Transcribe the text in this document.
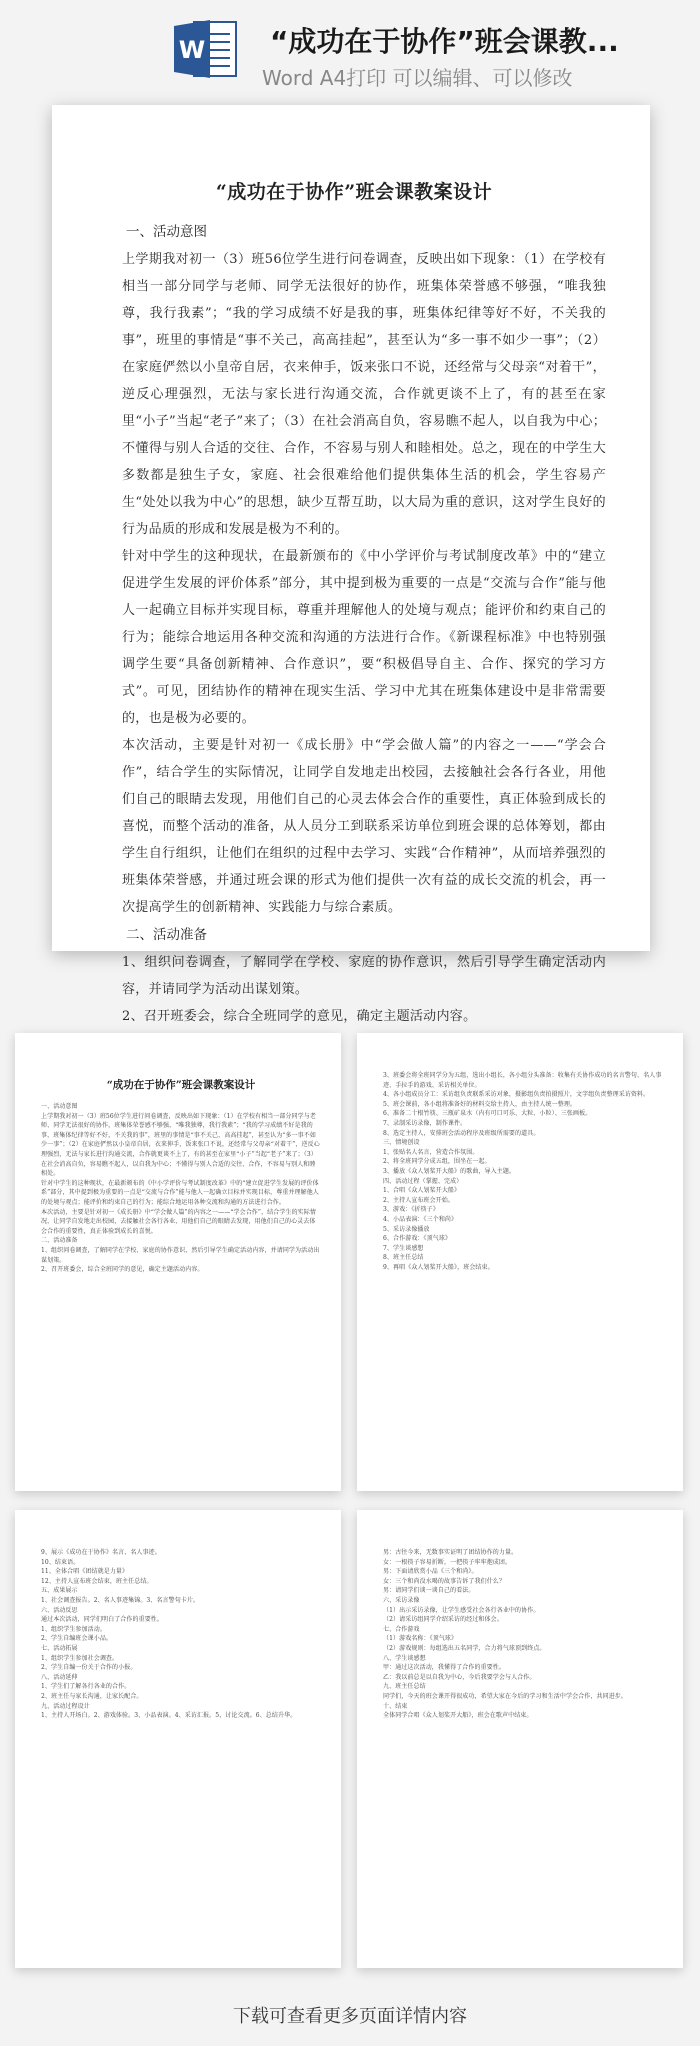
W “成功在于协作”班会课教...
Word A4打印 可以编辑、可以修改
“成功在于协作”班会课教案设计
一、活动意图

上学期我对初一（3）班56位学生进行问卷调查，反映出如下现象：（1）在学校有相当一部分同学与老师、同学无法很好的协作，班集体荣誉感不够强，“唯我独尊，我行我素”；“我的学习成绩不好是我的事，班集体纪律等好不好，不关我的事”，班里的事情是“事不关己，高高挂起”，甚至认为“多一事不如少一事”；（2）在家庭俨然以小皇帝自居，衣来伸手，饭来张口不说，还经常与父母亲“对着干”，逆反心理强烈，无法与家长进行沟通交流，合作就更谈不上了，有的甚至在家里“小子”当起“老子”来了；（3）在社会消高自负，容易瞧不起人，以自我为中心；不懂得与别人合适的交往、合作，不容易与别人和睦相处。总之，现在的中学生大多数都是独生子女，家庭、社会很难给他们提供集体生活的机会，学生容易产生“处处以我为中心”的思想，缺少互帮互助，以大局为重的意识，这对学生良好的行为品质的形成和发展是极为不利的。

针对中学生的这种现状，在最新颁布的《中小学评价与考试制度改革》中的“建立促进学生发展的评价体系”部分，其中提到极为重要的一点是“交流与合作”能与他人一起确立目标并实现目标，尊重并理解他人的处境与观点；能评价和约束自己的行为；能综合地运用各种交流和沟通的方法进行合作。《新课程标准》中也特别强调学生要“具备创新精神、合作意识”，要“积极倡导自主、合作、探究的学习方式”。可见，团结协作的精神在现实生活、学习中尤其在班集体建设中是非常需要的，也是极为必要的。

本次活动，主要是针对初一《成长册》中“学会做人篇”的内容之一——“学会合作”，结合学生的实际情况，让同学自发地走出校园，去接触社会各行各业，用他们自己的眼睛去发现，用他们自己的心灵去体会合作的重要性，真正体验到成长的喜悦，而整个活动的准备，从人员分工到联系采访单位到班会课的总体筹划，都由学生自行组织，让他们在组织的过程中去学习、实践“合作精神”，从而培养强烈的班集体荣誉感，并通过班会课的形式为他们提供一次有益的成长交流的机会，再一次提高学生的创新精神、实践能力与综合素质。

二、活动准备

1、组织问卷调查，了解同学在学校、家庭的协作意识，然后引导学生确定活动内容，并请同学为活动出谋划策。

2、召开班委会，综合全班同学的意见，确定主题活动内容。

“成功在于协作”班会课教案设计
一、活动意图
上学期我对初一（3）班56位学生进行问卷调查，反映出如下现象：（1）在学校有相当一部分同学与老师、同学无法很好的协作，班集体荣誉感不够强，“唯我独尊，我行我素”；“我的学习成绩不好是我的事，班集体纪律等好不好，不关我的事”，班里的事情是“事不关己，高高挂起”，甚至认为“多一事不如少一事”；（2）在家庭俨然以小皇帝自居，衣来伸手，饭来张口不说，还经常与父母亲“对着干”，逆反心理强烈，无法与家长进行沟通交流，合作就更谈不上了，有的甚至在家里“小子”当起“老子”来了；（3）在社会消高自负，容易瞧不起人，以自我为中心；不懂得与别人合适的交往、合作，不容易与别人和睦相处。
针对中学生的这种现状，在最新颁布的《中小学评价与考试制度改革》中的“建立促进学生发展的评价体系”部分，其中提到极为重要的一点是“交流与合作”能与他人一起确立目标并实现目标，尊重并理解他人的处境与观点；能评价和约束自己的行为；能综合地运用各种交流和沟通的方法进行合作。
本次活动，主要是针对初一《成长册》中“学会做人篇”的内容之一——“学会合作”，结合学生的实际情况，让同学自发地走出校园，去接触社会各行各业，用他们自己的眼睛去发现，用他们自己的心灵去体会合作的重要性，真正体验到成长的喜悦。
二、活动准备
1、组织问卷调查，了解同学在学校、家庭的协作意识，然后引导学生确定活动内容，并请同学为活动出谋划策。
2、召开班委会，综合全班同学的意见，确定主题活动内容。
3、班委会将全班同学分为五组，选出小组长，各小组分头准备：收集有关协作成功的名言警句、名人事迹、手拉手的游戏、采访相关单位。
4、各小组成员分工：采访组负责联系采访对象，摄影组负责拍摄照片，文字组负责整理采访资料。
5、班会课前，各小组将准备好的材料交给主持人，由主持人统一整理。
6、准备二十根竹筷、三瓶矿泉水（内有可口可乐、大粒、小粒）、三张画板。
7、录制采访录像，制作课件。
8、选定主持人，安排班会活动程序及班级所需要的道具。
三、情境创设
1、张贴名人名言，营造合作氛围。
2、将全班同学分成五组，围坐在一起。
3、播放《众人划桨开大船》的歌曲，导入主题。
四、活动过程（掌握、完成）
1、合唱《众人划桨开大船》
2、主持人宣布班会开始。
3、游戏：《折筷子》
4、小品表演：《三个和尚》
5、采访录像播放
6、合作游戏：《顶气球》
7、学生谈感想
8、班主任总结
9、再唱《众人划桨开大船》，班会结束。
9、展示《成功在于协作》名言、名人事迹。
10、结束语。
11、全体合唱《团结就是力量》
12、主持人宣布班会结束，班主任总结。
五、成果展示
1、社会调查报告。2、名人事迹集锦。3、名言警句卡片。
六、活动反思
通过本次活动，同学们明白了合作的重要性。
1、组织学生参加活动。
2、学生自编班会课小品。
七、活动拓展
1、组织学生参加社会调查。
2、学生自编一份关于合作的小报。
八、活动延伸
1、学生们了解各行各业的合作。
2、班主任与家长沟通，让家长配合。
九、活动过程设计
1、主持人开场白。2、游戏体验。3、小品表演。4、采访汇报。5、讨论交流。6、总结升华。
男：古往今来，无数事实证明了团结协作的力量。
女：一根筷子容易折断，一把筷子牢牢抱成团。
男：下面请欣赏小品《三个和尚》。
女：三个和尚没水喝的故事告诉了我们什么？
男：请同学们谈一谈自己的看法。
六、采访录像
（1）出示采访录像，让学生感受社会各行各业中的协作。
（2）请采访组同学介绍采访的经过和体会。
七、合作游戏
（1）游戏名称：《顶气球》
（2）游戏规则：每组选出五名同学，合力将气球顶到终点。
八、学生谈感想
甲：通过这次活动，我懂得了合作的重要性。
乙：我以前总是以自我为中心，今后我要学会与人合作。
九、班主任总结
同学们，今天的班会课开得很成功，希望大家在今后的学习和生活中学会合作，共同进步。
十、结束
全体同学合唱《众人划桨开大船》，班会在歌声中结束。
下载可查看更多页面详情内容
